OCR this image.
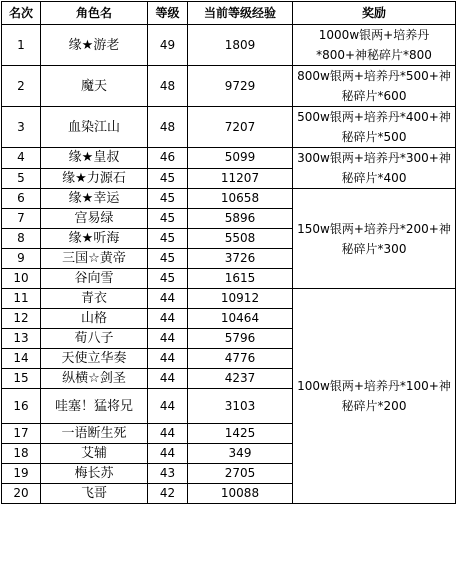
名次	角色名	等级	当前等级经验	奖励
1	缘★游老	49	1809	1000w银两+培养丹*800+神秘碎片*800
2	魔天	48	9729	800w银两+培养丹*500+神秘碎片*600
3	血染江山	48	7207	500w银两+培养丹*400+神秘碎片*500
4	缘★皇叔	46	5099	300w银两+培养丹*300+神秘碎片*400
5	缘★力源石	45	11207	
6	缘★幸运	45	10658	150w银两+培养丹*200+神秘碎片*300
7	宫易绿	45	5896	
8	缘★听海	45	5508	
9	三国☆黄帝	45	3726	
10	谷向雪	45	1615	
11	青衣	44	10912	100w银两+培养丹*100+神秘碎片*200
12	山格	44	10464	
13	荀八子	44	5796	
14	天使立华奏	44	4776	
15	纵横☆剑圣	44	4237	
16	哇塞！猛将兄	44	3103	
17	一语断生死	44	1425	
18	艾辅	44	349	
19	梅长苏	43	2705	
20	飞哥	42	10088	
